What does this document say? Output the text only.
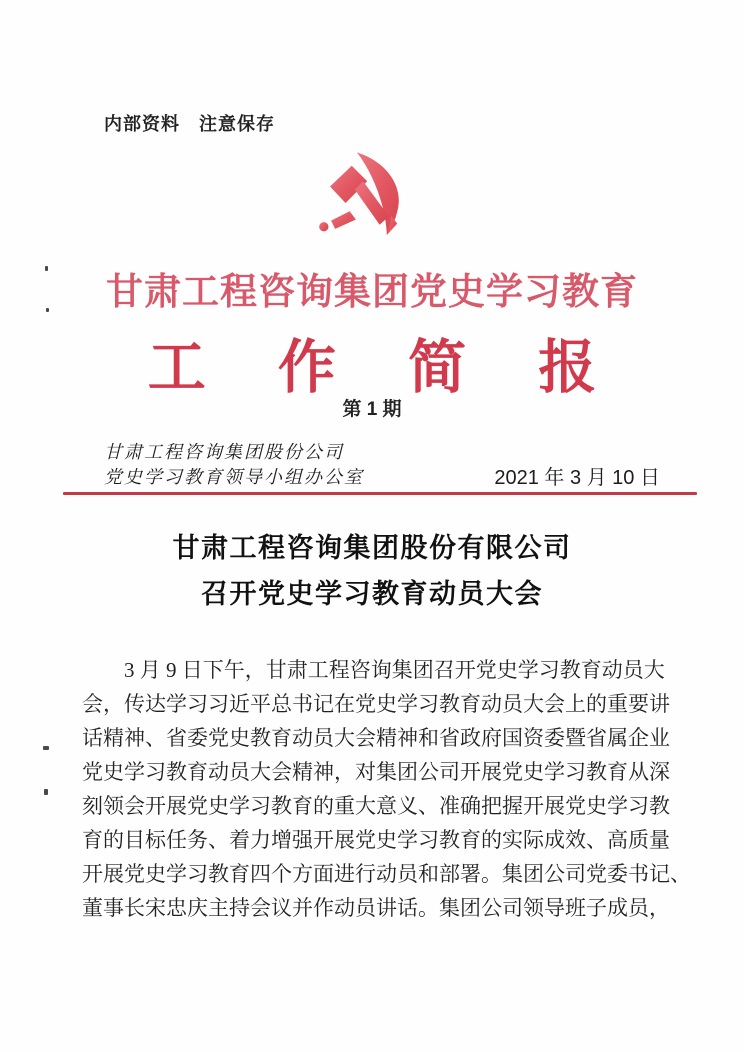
内部资料　注意保存
甘肃工程咨询集团党史学习教育
工 作 简 报
第 1 期
甘肃工程咨询集团股份公司
党史学习教育领导小组办公室	2021 年 3 月 10 日
甘肃工程咨询集团股份有限公司
召开党史学习教育动员大会
3 月 9 日下午，甘肃工程咨询集团召开党史学习教育动员大
会，传达学习习近平总书记在党史学习教育动员大会上的重要讲
话精神、省委党史教育动员大会精神和省政府国资委暨省属企业
党史学习教育动员大会精神，对集团公司开展党史学习教育从深
刻领会开展党史学习教育的重大意义、准确把握开展党史学习教
育的目标任务、着力增强开展党史学习教育的实际成效、高质量
开展党史学习教育四个方面进行动员和部署。集团公司党委书记、
董事长宋忠庆主持会议并作动员讲话。集团公司领导班子成员，
